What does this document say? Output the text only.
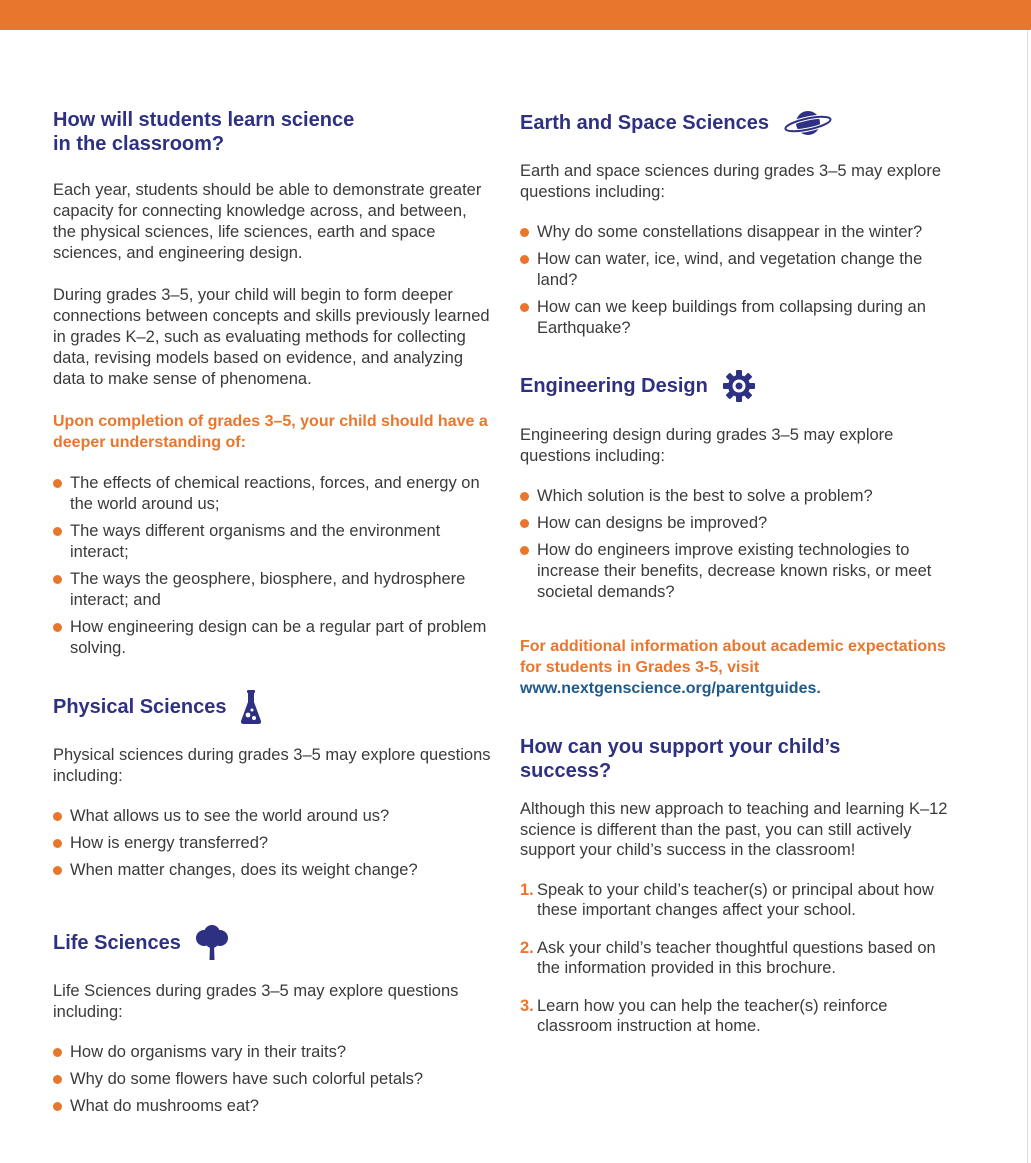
How will students learn science
in the classroom?

Each year, students should be able to demonstrate greater capacity for connecting knowledge across, and between, the physical sciences, life sciences, earth and space sciences, and engineering design.

During grades 3–5, your child will begin to form deeper connections between concepts and skills previously learned in grades K–2, such as evaluating methods for collecting data, revising models based on evidence, and analyzing data to make sense of phenomena.

Upon completion of grades 3–5, your child should have a deeper understanding of:

The effects of chemical reactions, forces, and energy on the world around us;
The ways different organisms and the environment interact;
The ways the geosphere, biosphere, and hydrosphere interact; and
How engineering design can be a regular part of problem solving.
Physical Sciences

Physical sciences during grades 3–5 may explore questions including:

What allows us to see the world around us?
How is energy transferred?
When matter changes, does its weight change?
Life Sciences

Life Sciences during grades 3–5 may explore questions including:

How do organisms vary in their traits?
Why do some flowers have such colorful petals?
What do mushrooms eat?
Earth and Space Sciences

Earth and space sciences during grades 3–5 may explore questions including:

Why do some constellations disappear in the winter?
How can water, ice, wind, and vegetation change the land?
How can we keep buildings from collapsing during an Earthquake?
Engineering Design

Engineering design during grades 3–5 may explore questions including:

Which solution is the best to solve a problem?
How can designs be improved?
How do engineers improve existing technologies to increase their benefits, decrease known risks, or meet societal demands?

For additional information about academic expectations for students in Grades 3-5, visit

www.nextgenscience.org/parentguides.
How can you support your child’s
success?

Although this new approach to teaching and learning K–12 science is different than the past, you can still actively support your child’s success in the classroom!

1. Speak to your child’s teacher(s) or principal about how these important changes affect your school.
2. Ask your child’s teacher thoughtful questions based on the information provided in this brochure.
3. Learn how you can help the teacher(s) reinforce classroom instruction at home.
